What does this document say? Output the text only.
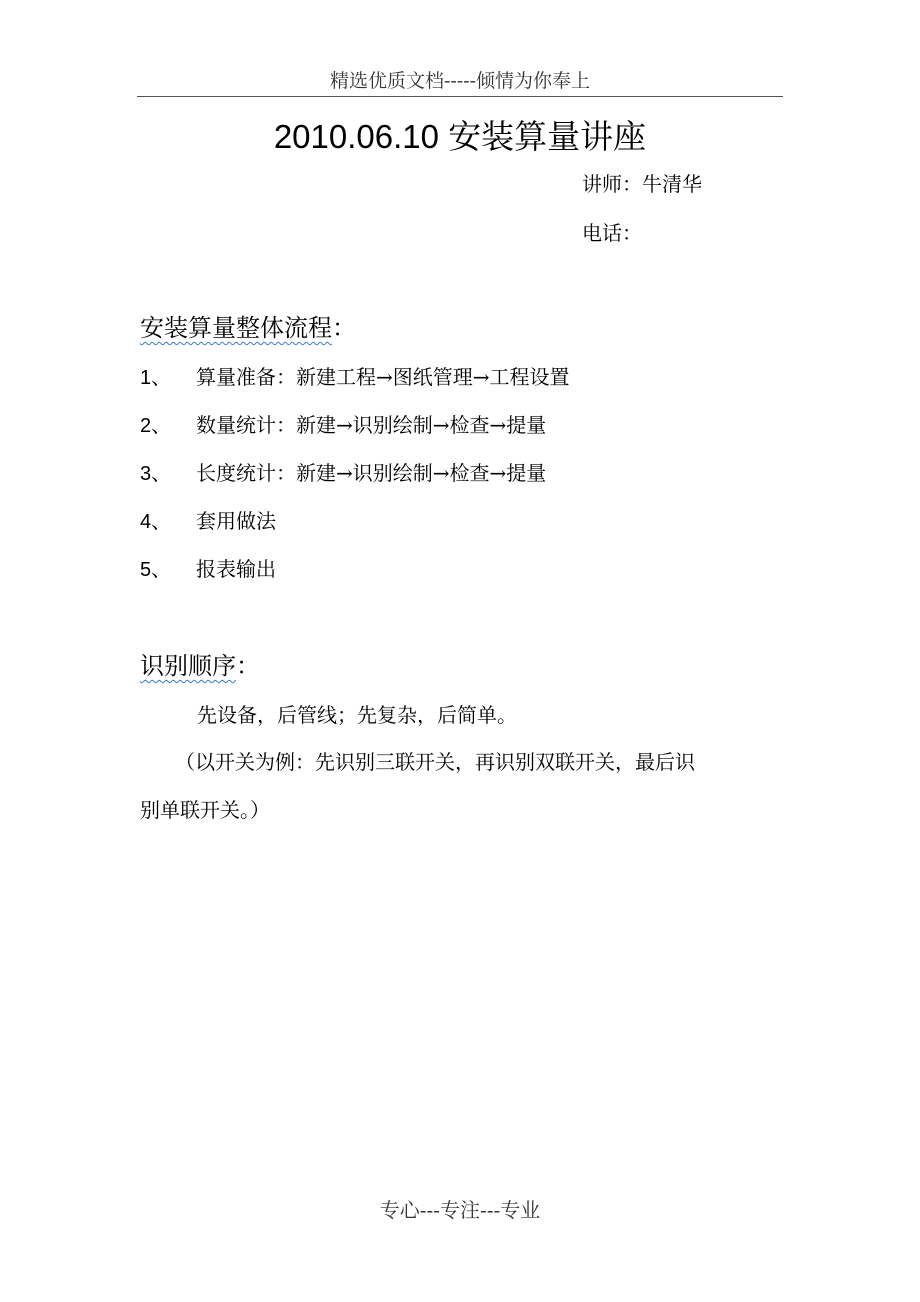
精选优质文档-----倾情为你奉上
2010.06.10 安装算量讲座
讲师：牛清华
电话：
安装算量整体流程：
1、 算量准备：新建工程→图纸管理→工程设置
2、 数量统计：新建→识别绘制→检查→提量
3、 长度统计：新建→识别绘制→检查→提量
4、 套用做法
5、 报表输出
识别顺序：
先设备，后管线；先复杂，后简单。
（以开关为例：先识别三联开关，再识别双联开关，最后识
别单联开关。）
专心---专注---专业
